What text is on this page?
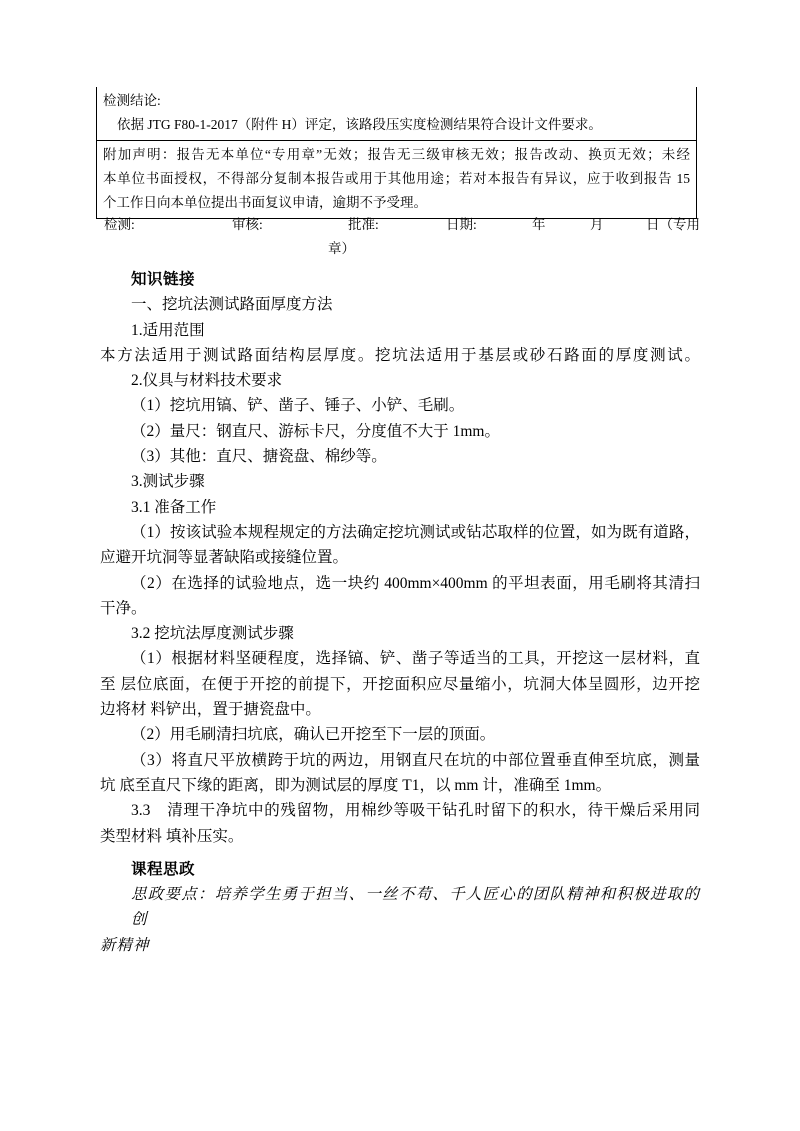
检测结论:
依据 JTG F80-1-2017（附件 H）评定，该路段压实度检测结果符合设计文件要求。
附加声明：报告无本单位“专用章”无效；报告无三级审核无效；报告改动、换页无效；未经
本单位书面授权，不得部分复制本报告或用于其他用途；若对本报告有异议，应于收到报告 15
个工作日向本单位提出书面复议申请，逾期不予受理。
检测:	审核:	批准:	日期:	年	月	日（专用
章）
知识链接
一、挖坑法测试路面厚度方法
1.适用范围
本方法适用于测试路面结构层厚度。挖坑法适用于基层或砂石路面的厚度测试。
2.仪具与材料技术要求
（1）挖坑用镐、铲、凿子、锤子、小铲、毛刷。
（2）量尺：钢直尺、游标卡尺，分度值不大于 1mm。
（3）其他：直尺、搪瓷盘、棉纱等。
3.测试步骤
3.1 准备工作
（1）按该试验本规程规定的方法确定挖坑测试或钻芯取样的位置，如为既有道路，
应避开坑洞等显著缺陷或接缝位置。
（2）在选择的试验地点，选一块约 400mm×400mm 的平坦表面，用毛刷将其清扫
干净。
3.2 挖坑法厚度测试步骤
（1）根据材料坚硬程度，选择镐、铲、凿子等适当的工具，开挖这一层材料，直
至 层位底面，在便于开挖的前提下，开挖面积应尽量缩小，坑洞大体呈圆形，边开挖
边将材 料铲出，置于搪瓷盘中。
（2）用毛刷清扫坑底，确认已开挖至下一层的顶面。
（3）将直尺平放横跨于坑的两边，用钢直尺在坑的中部位置垂直伸至坑底，测量
坑 底至直尺下缘的距离，即为测试层的厚度 T1，以 mm 计，准确至 1mm。
3.3　清理干净坑中的残留物，用棉纱等吸干钻孔时留下的积水，待干燥后采用同
类型材料 填补压实。
课程思政
思政要点：培养学生勇于担当、一丝不苟、千人匠心的团队精神和积极进取的创
新精神
